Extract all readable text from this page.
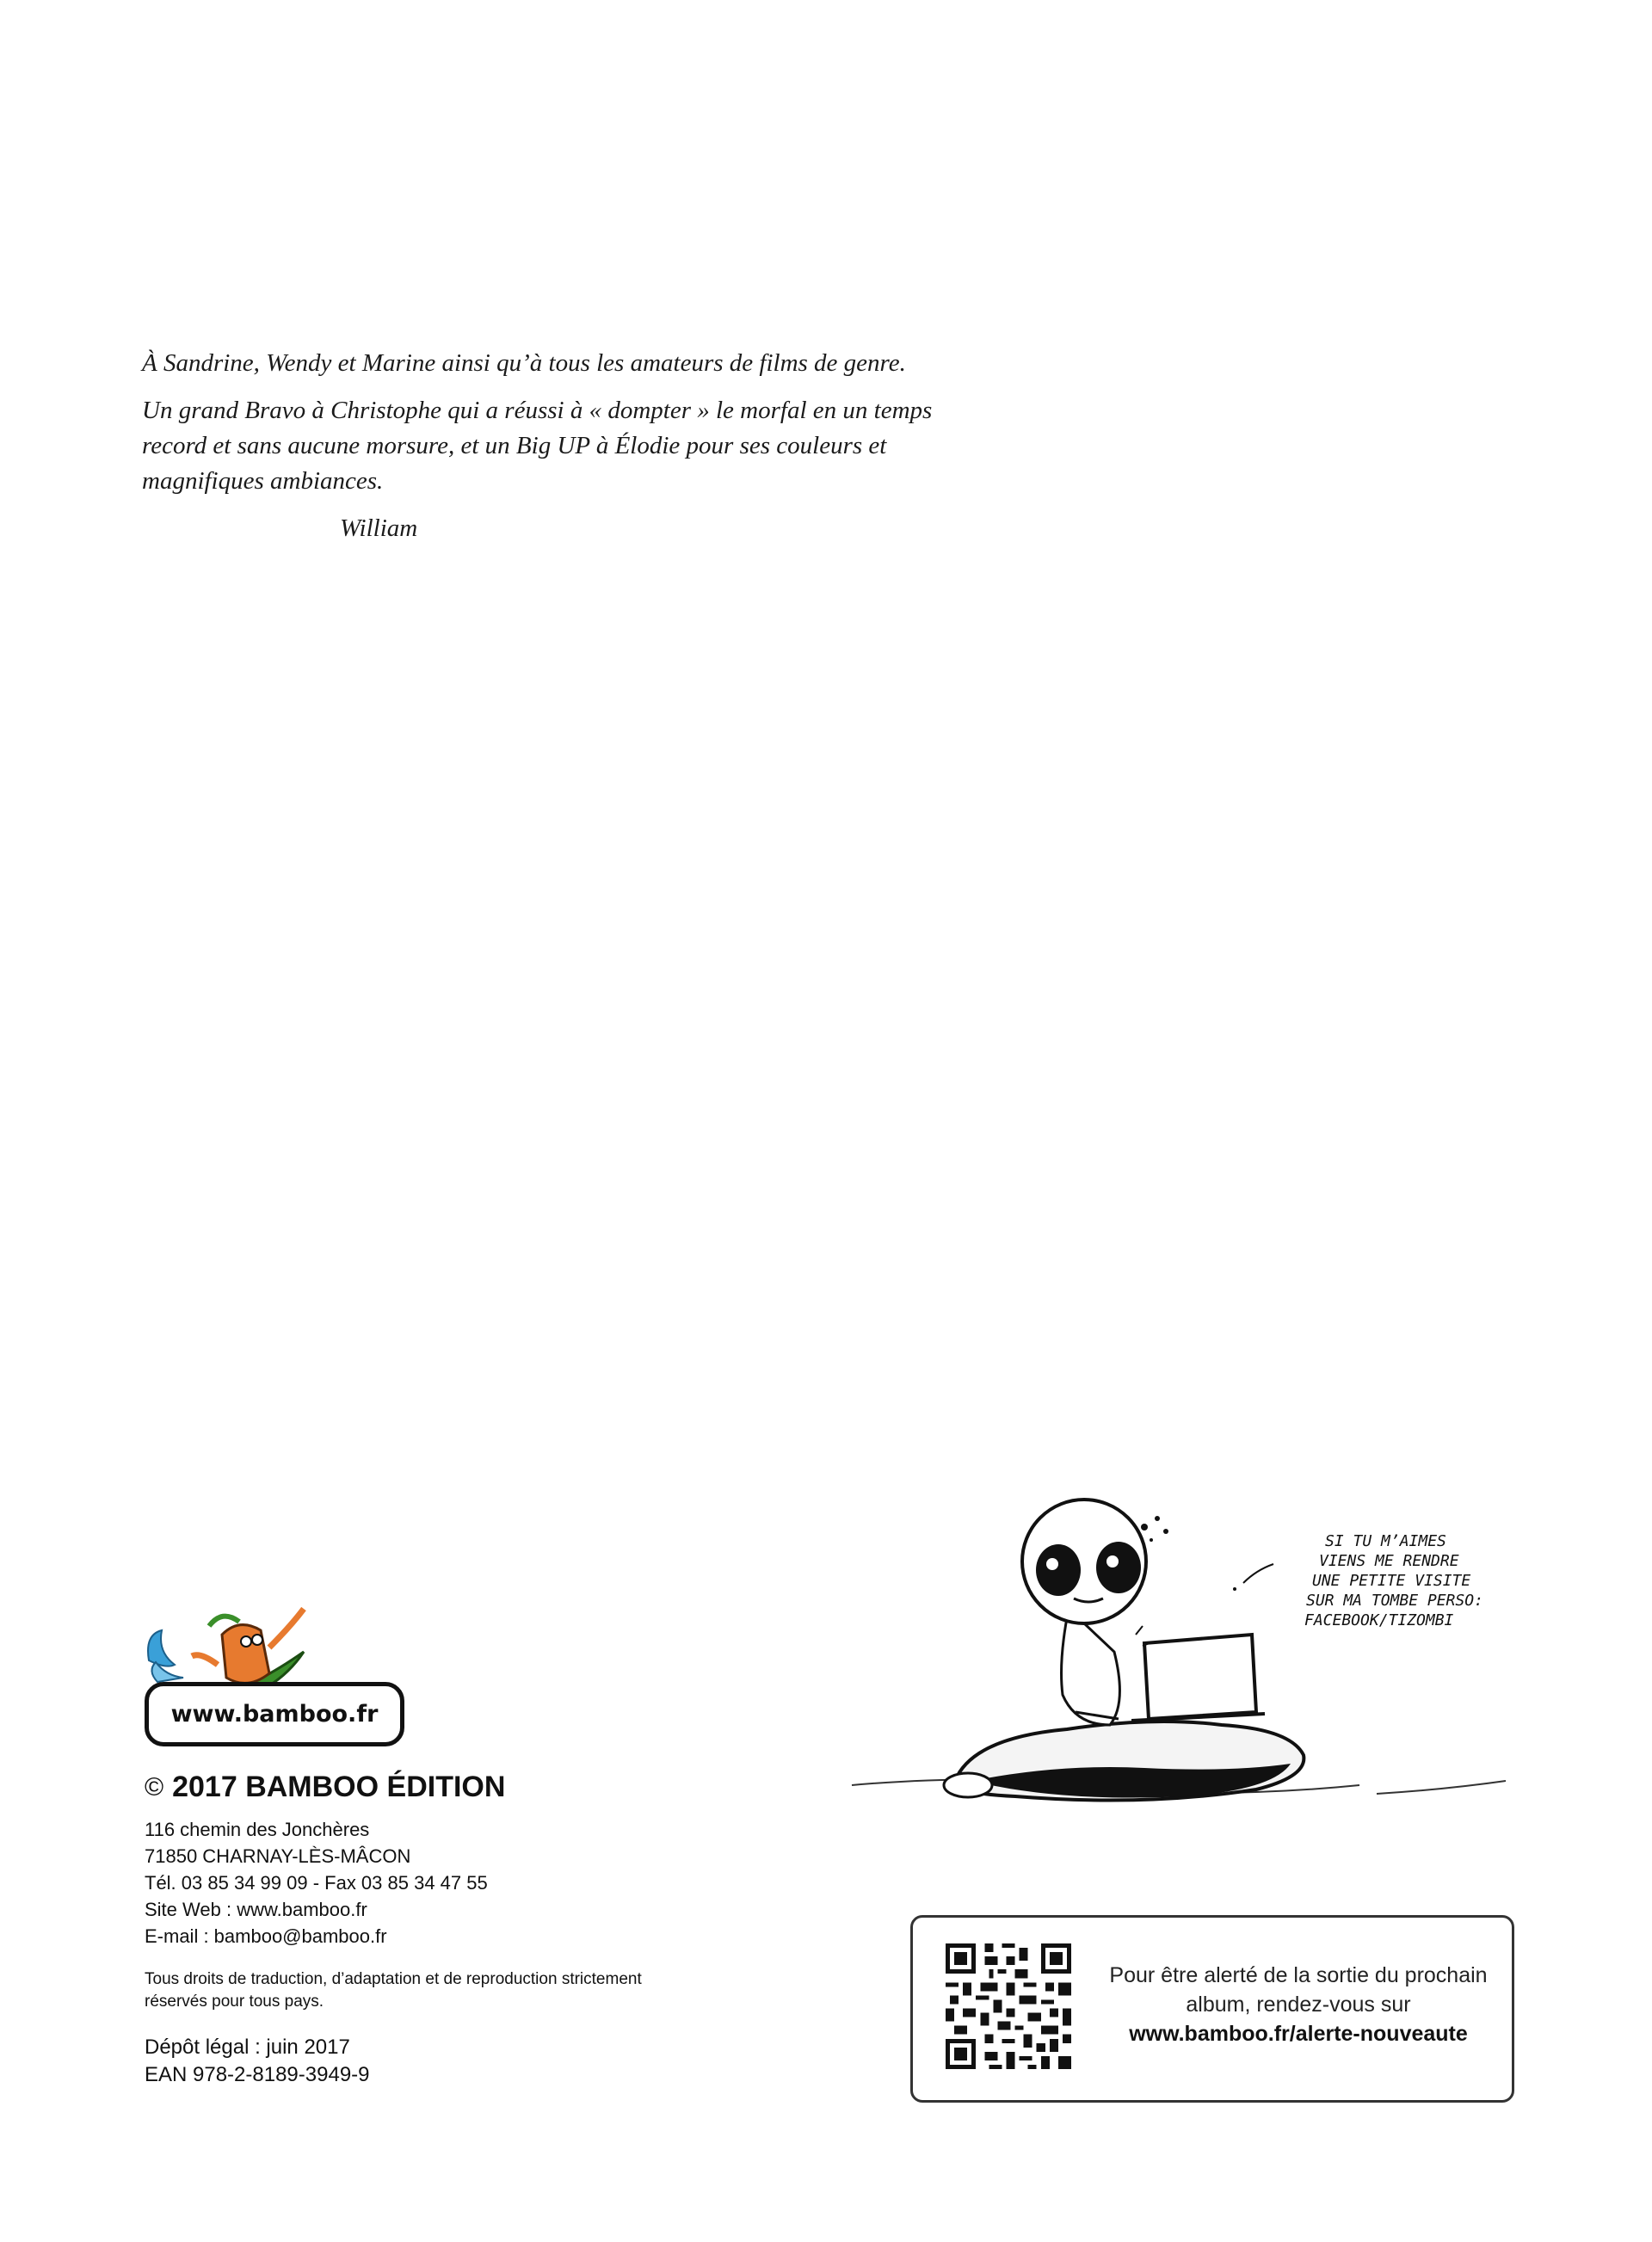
À Sandrine, Wendy et Marine ainsi qu’à tous les amateurs de films de genre.

Un grand Bravo à Christophe qui a réussi à « dompter » le morfal en un temps record et sans aucune morsure, et un Big UP à Élodie pour ses couleurs et magnifiques ambiances.

William

www.bamboo.fr
© 2017 BAMBOO ÉDITION

116 chemin des Jonchères

71850 CHARNAY-LÈS-MÂCON

Tél. 03 85 34 99 09 - Fax 03 85 34 47 55

Site Web : www.bamboo.fr

E-mail : bamboo@bamboo.fr

Tous droits de traduction, d’adaptation et de reproduction strictement réservés pour tous pays.

Dépôt légal : juin 2017

EAN 978-2-8189-3949-9

SI TU M’AIMES
VIENS ME RENDRE
UNE PETITE VISITE
SUR MA TOMBE PERSO:
FACEBOOK/TIZOMBI
Pour être alerté de la sortie du prochain album, rendez-vous sur
www.bamboo.fr/alerte-nouveaute
